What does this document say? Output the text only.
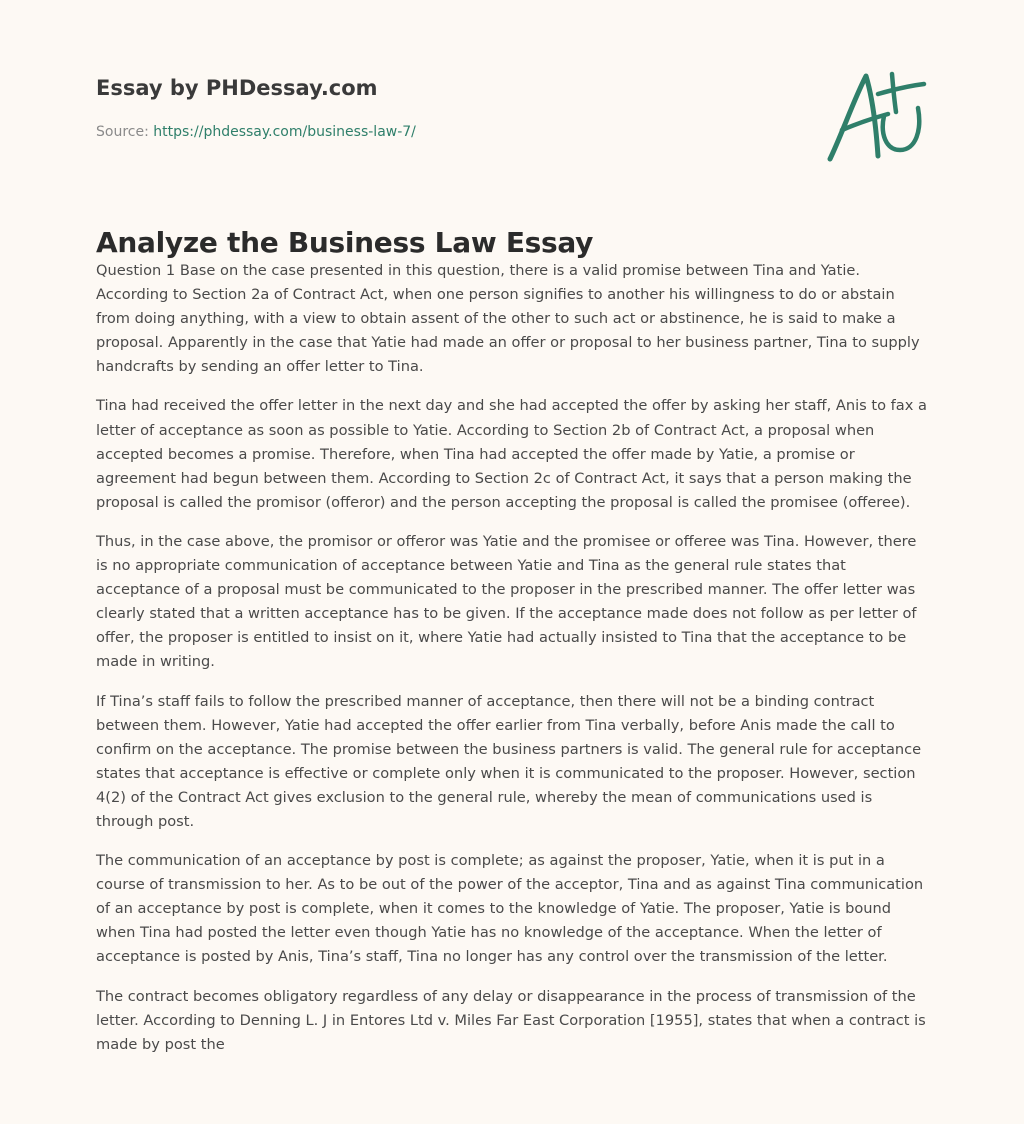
Essay by PHDessay.com
Source: https://phdessay.com/business-law-7/
Analyze the Business Law Essay

Question 1 Base on the case presented in this question, there is a valid promise between Tina and Yatie. According to Section 2a of Contract Act, when one person signifies to another his willingness to do or abstain from doing anything, with a view to obtain assent of the other to such act or abstinence, he is said to make a proposal. Apparently in the case that Yatie had made an offer or proposal to her business partner, Tina to supply handcrafts by sending an offer letter to Tina.

Tina had received the offer letter in the next day and she had accepted the offer by asking her staff, Anis to fax a letter of acceptance as soon as possible to Yatie. According to Section 2b of Contract Act, a proposal when accepted becomes a promise. Therefore, when Tina had accepted the offer made by Yatie, a promise or agreement had begun between them. According to Section 2c of Contract Act, it says that a person making the proposal is called the promisor (offeror) and the person accepting the proposal is called the promisee (offeree).

Thus, in the case above, the promisor or offeror was Yatie and the promisee or offeree was Tina. However, there is no appropriate communication of acceptance between Yatie and Tina as the general rule states that acceptance of a proposal must be communicated to the proposer in the prescribed manner. The offer letter was clearly stated that a written acceptance has to be given. If the acceptance made does not follow as per letter of offer, the proposer is entitled to insist on it, where Yatie had actually insisted to Tina that the acceptance to be made in writing.

If Tina’s staff fails to follow the prescribed manner of acceptance, then there will not be a binding contract between them. However, Yatie had accepted the offer earlier from Tina verbally, before Anis made the call to confirm on the acceptance. The promise between the business partners is valid. The general rule for acceptance states that acceptance is effective or complete only when it is communicated to the proposer. However, section 4(2) of the Contract Act gives exclusion to the general rule, whereby the mean of communications used is through post.

The communication of an acceptance by post is complete; as against the proposer, Yatie, when it is put in a course of transmission to her. As to be out of the power of the acceptor, Tina and as against Tina communication of an acceptance by post is complete, when it comes to the knowledge of Yatie. The proposer, Yatie is bound when Tina had posted the letter even though Yatie has no knowledge of the acceptance. When the letter of acceptance is posted by Anis, Tina’s staff, Tina no longer has any control over the transmission of the letter.

The contract becomes obligatory regardless of any delay or disappearance in the process of transmission of the letter. According to Denning L. J in Entores Ltd v. Miles Far East Corporation [1955], states that when a contract is made by post the
